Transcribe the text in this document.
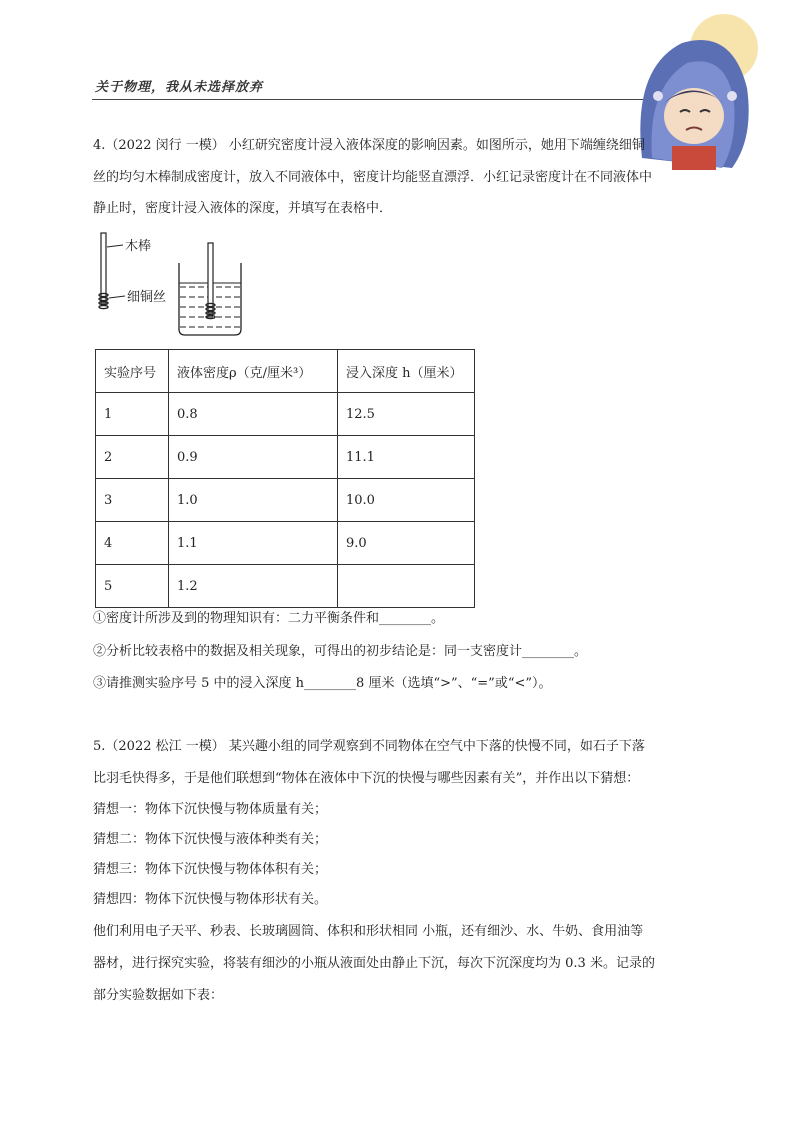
关于物理，我从未选择放弃
4.（2022 闵行 一模） 小红研究密度计浸入液体深度的影响因素。如图所示，她用下端缠绕细铜
丝的均匀木棒制成密度计，放入不同液体中，密度计均能竖直漂浮．小红记录密度计在不同液体中
静止时，密度计浸入液体的深度，并填写在表格中．
木棒
细铜丝
实验序号	液体密度ρ（克/厘米³）	浸入深度 h（厘米）
1	0.8	12.5
2	0.9	11.1
3	1.0	10.0
4	1.1	9.0
5	1.2	
①密度计所涉及到的物理知识有：二力平衡条件和________。
②分析比较表格中的数据及相关现象，可得出的初步结论是：同一支密度计________。
③请推测实验序号 5 中的浸入深度 h________8 厘米（选填“>”、“=”或“<”）。
5.（2022 松江 一模） 某兴趣小组的同学观察到不同物体在空气中下落的快慢不同，如石子下落
比羽毛快得多，于是他们联想到“物体在液体中下沉的快慢与哪些因素有关”，并作出以下猜想：
猜想一：物体下沉快慢与物体质量有关；
猜想二：物体下沉快慢与液体种类有关；
猜想三：物体下沉快慢与物体体积有关；
猜想四：物体下沉快慢与物体形状有关。
他们利用电子天平、秒表、长玻璃圆筒、体积和形状相同 小瓶，还有细沙、水、牛奶、食用油等
器材，进行探究实验，将装有细沙的小瓶从液面处由静止下沉，每次下沉深度均为 0.3 米。记录的
部分实验数据如下表：
